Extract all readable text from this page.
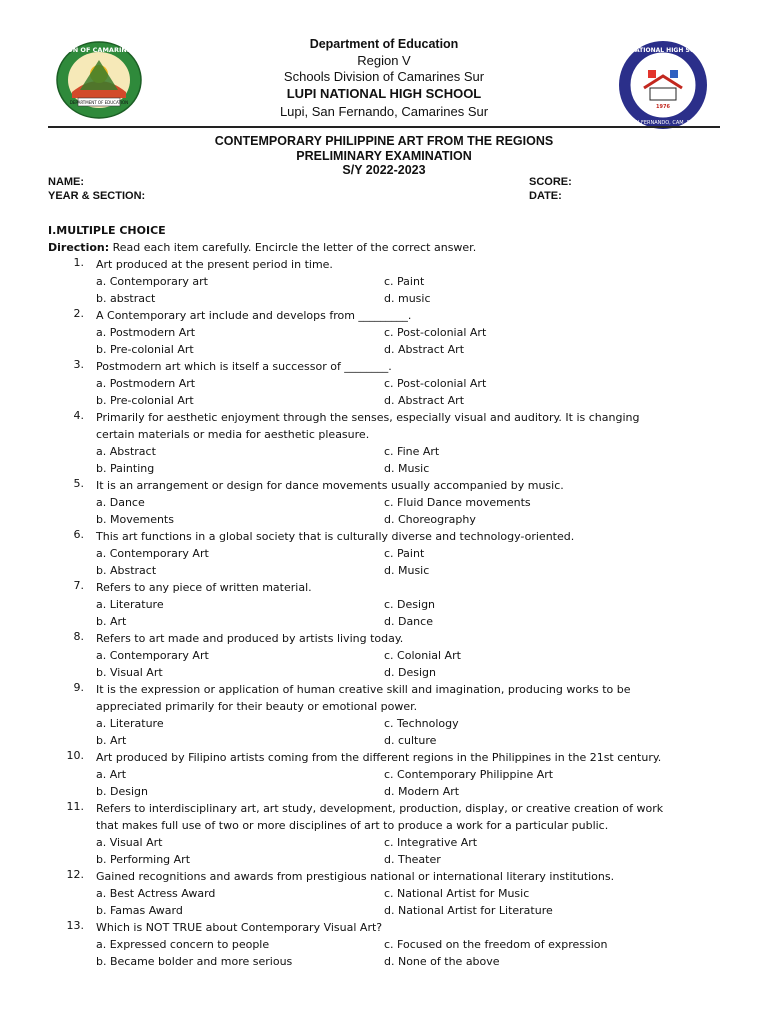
DIVISION OF CAMARINES SUR
DEPARTMENT OF EDUCATION
Department of Education
Region V
Schools Division of Camarines Sur
LUPI NATIONAL HIGH SCHOOL
Lupi, San Fernando, Camarines Sur
LUPI NATIONAL HIGH SCHOOL
SAN FERNANDO, CAM. SUR
1976
CONTEMPORARY PHILIPPINE ART FROM THE REGIONS
PRELIMINARY EXAMINATION
S/Y 2022-2023
NAME:	SCORE:
YEAR & SECTION:	DATE:
I.MULTIPLE CHOICE
Direction: Read each item carefully. Encircle the letter of the correct answer.
1. Art produced at the present period in time.
a. Contemporary art	c. Paint
b. abstract	d. music
2. A Contemporary art include and develops from _________.
a. Postmodern Art	c. Post-colonial Art
b. Pre-colonial Art	d. Abstract Art
3. Postmodern art which is itself a successor of ________.
a. Postmodern Art	c. Post-colonial Art
b. Pre-colonial Art	d. Abstract Art
4. Primarily for aesthetic enjoyment through the senses, especially visual and auditory. It is changing
certain materials or media for aesthetic pleasure.
a. Abstract	c. Fine Art
b. Painting	d. Music
5. It is an arrangement or design for dance movements usually accompanied by music.
a. Dance	c. Fluid Dance movements
b. Movements	d. Choreography
6. This art functions in a global society that is culturally diverse and technology-oriented.
a. Contemporary Art	c. Paint
b. Abstract	d. Music
7. Refers to any piece of written material.
a. Literature	c. Design
b. Art	d. Dance
8. Refers to art made and produced by artists living today.
a. Contemporary Art	c. Colonial Art
b. Visual Art	d. Design
9. It is the expression or application of human creative skill and imagination, producing works to be
appreciated primarily for their beauty or emotional power.
a. Literature	c. Technology
b. Art	d. culture
10. Art produced by Filipino artists coming from the different regions in the Philippines in the 21st century.
a. Art	c. Contemporary Philippine Art
b. Design	d. Modern Art
11. Refers to interdisciplinary art, art study, development, production, display, or creative creation of work
that makes full use of two or more disciplines of art to produce a work for a particular public.
a. Visual Art	c. Integrative Art
b. Performing Art	d. Theater
12. Gained recognitions and awards from prestigious national or international literary institutions.
a. Best Actress Award	c. National Artist for Music
b. Famas Award	d. National Artist for Literature
13. Which is NOT TRUE about Contemporary Visual Art?
a. Expressed concern to people	c. Focused on the freedom of expression
b. Became bolder and more serious	d. None of the above
